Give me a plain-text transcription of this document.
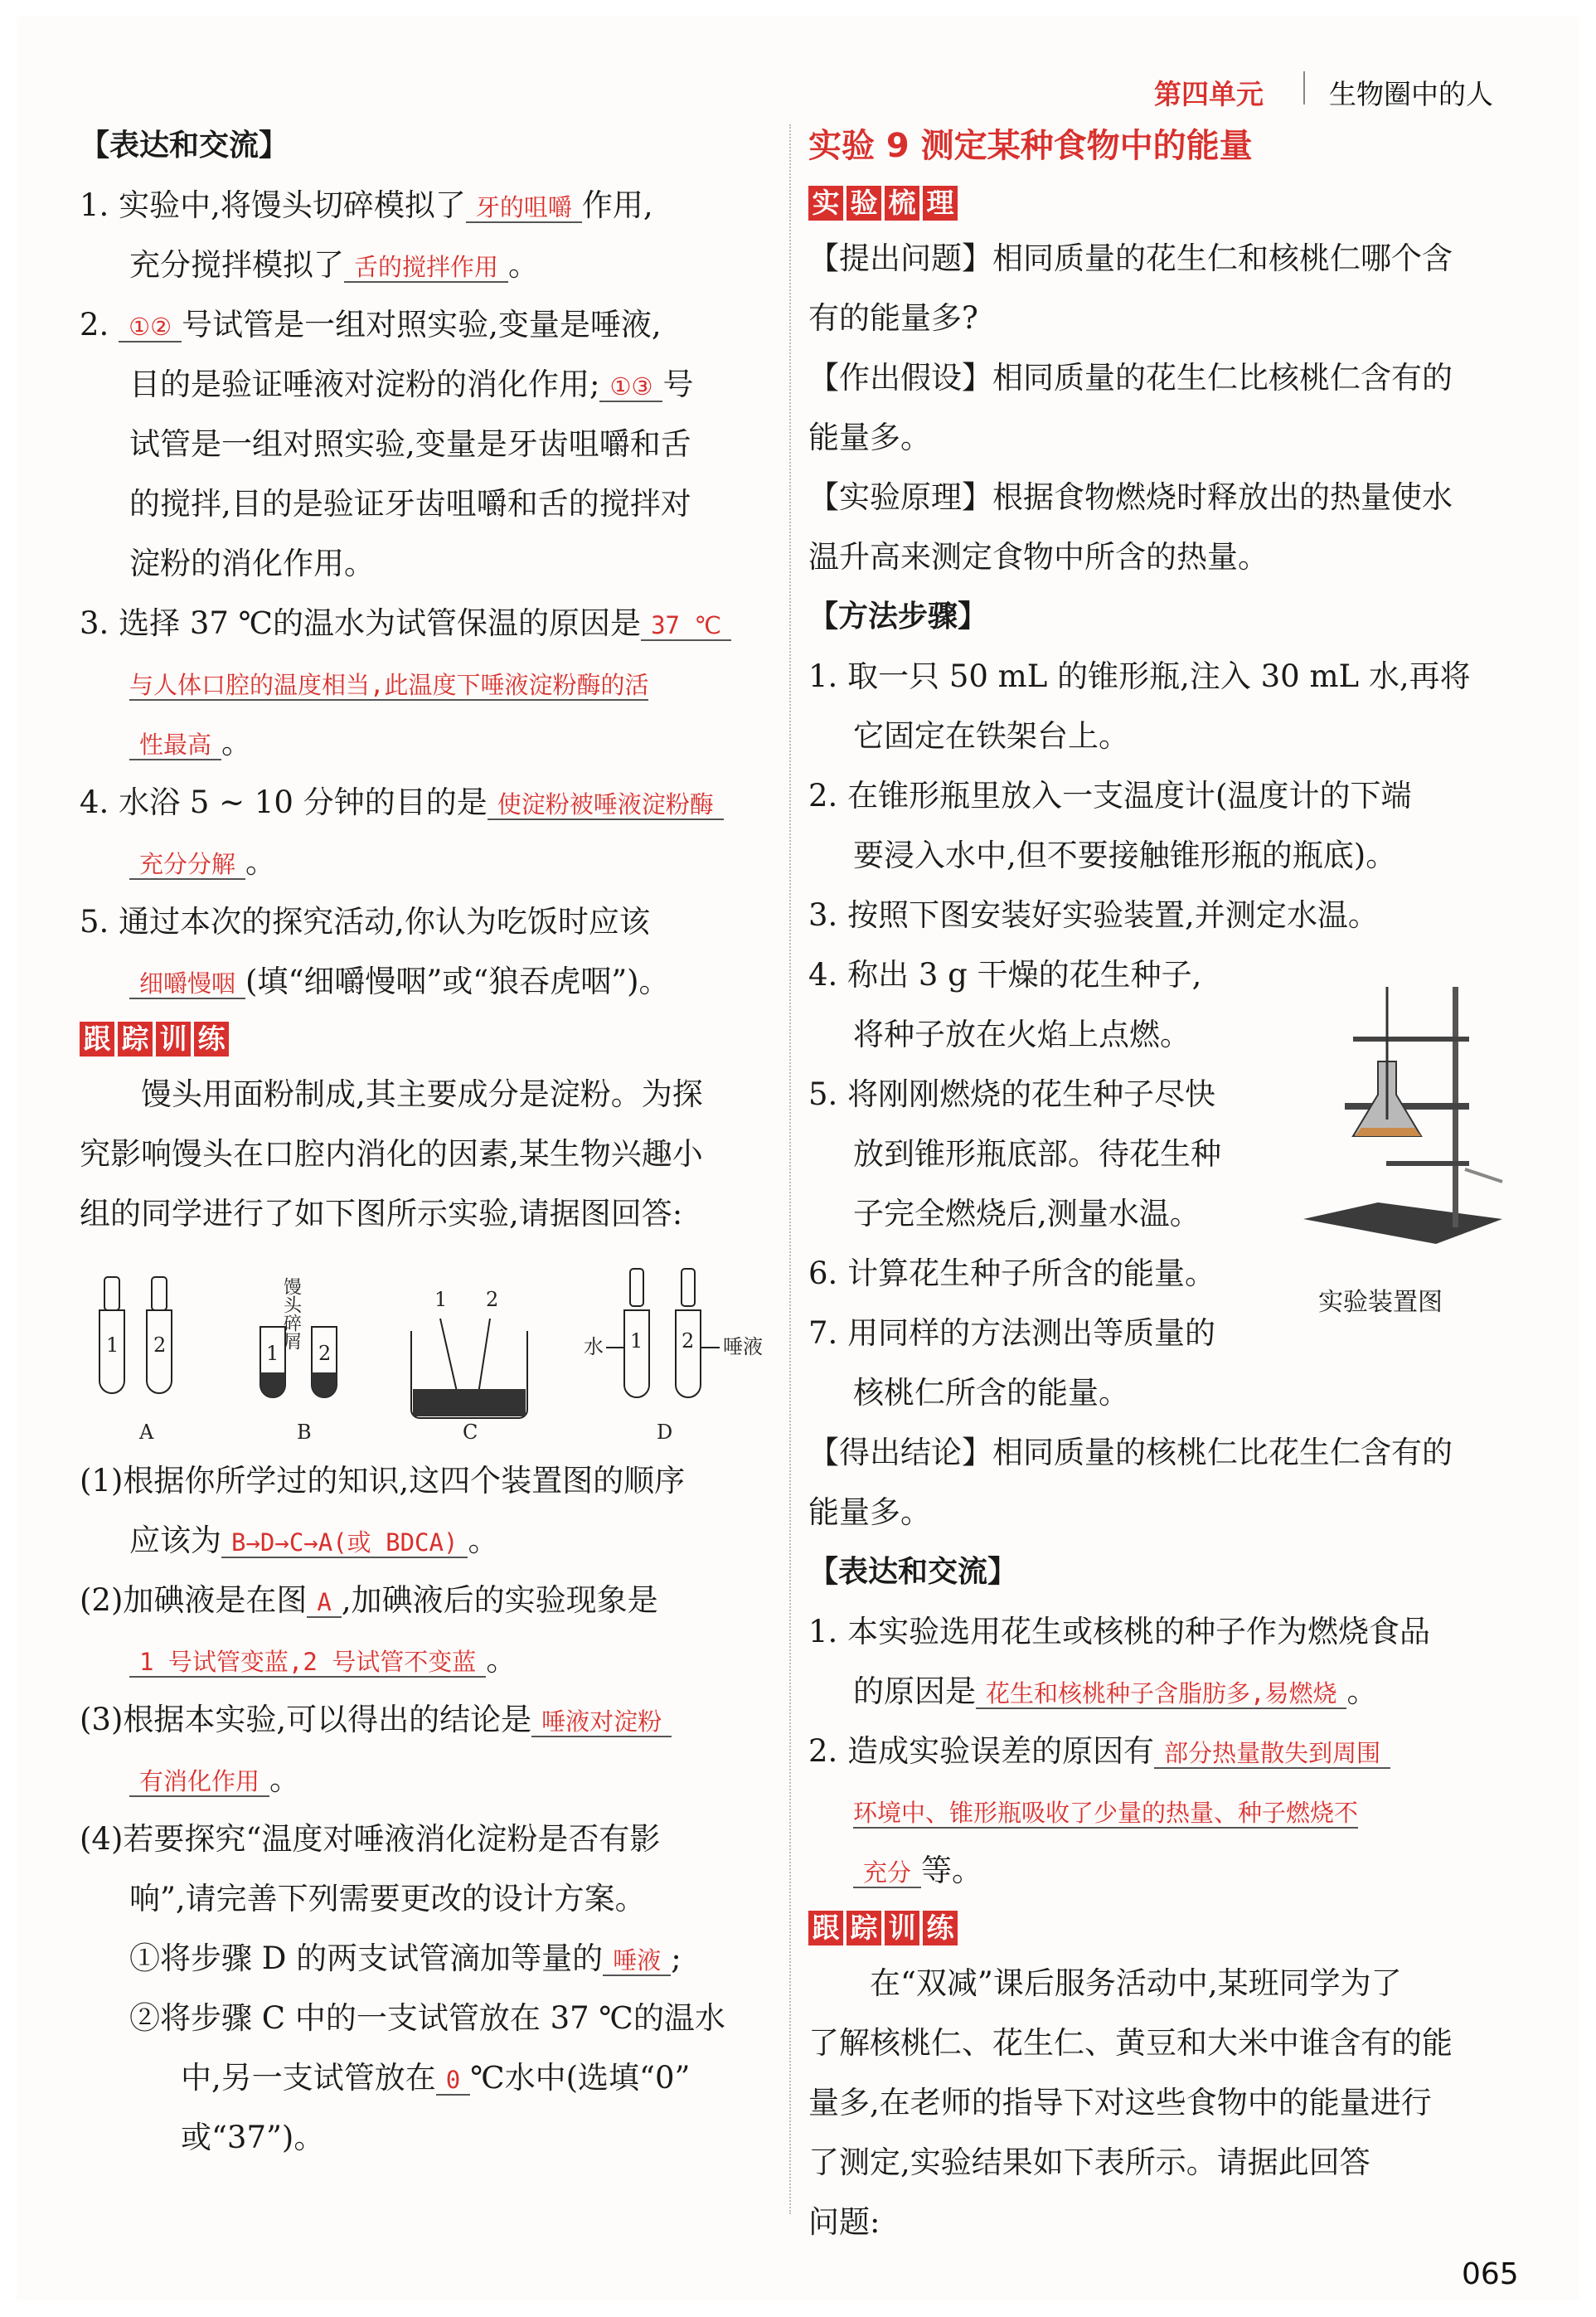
第四单元 生物圈中的人
【表达和交流】
1. 实验中,将馒头切碎模拟了 牙的咀嚼 作用,
充分搅拌模拟了 舌的搅拌作用 。
2. ①② 号试管是一组对照实验,变量是唾液,
目的是验证唾液对淀粉的消化作用; ①③ 号
试管是一组对照实验,变量是牙齿咀嚼和舌
的搅拌,目的是验证牙齿咀嚼和舌的搅拌对
淀粉的消化作用。
3. 选择 37 ℃的温水为试管保温的原因是 37 ℃
与人体口腔的温度相当,此温度下唾液淀粉酶的活
性最高 。
4. 水浴 5 ~ 10 分钟的目的是 使淀粉被唾液淀粉酶
充分分解 。
5. 通过本次的探究活动,你认为吃饭时应该
细嚼慢咽 (填“细嚼慢咽”或“狼吞虎咽”)。
跟 踪 训 练
馒头用面粉制成,其主要成分是淀粉。为探
究影响馒头在口腔内消化的因素,某生物兴趣小
组的同学进行了如下图所示实验,请据图回答:
1 2	1 2
馒头碎屑	1 2
1 2
水	唾液
A	B	C	D
(1)根据你所学过的知识,这四个装置图的顺序
应该为 B→D→C→A(或 BDCA) 。
(2)加碘液是在图 A ,加碘液后的实验现象是
1 号试管变蓝,2 号试管不变蓝 。
(3)根据本实验,可以得出的结论是 唾液对淀粉
有消化作用 。
(4)若要探究“温度对唾液消化淀粉是否有影
响”,请完善下列需要更改的设计方案。
①将步骤 D 的两支试管滴加等量的 唾液 ;
②将步骤 C 中的一支试管放在 37 ℃的温水
中,另一支试管放在 0 ℃水中(选填“0”
或“37”)。
实验 9 测定某种食物中的能量
实 验 梳 理
【提出问题】相同质量的花生仁和核桃仁哪个含
有的能量多?
【作出假设】相同质量的花生仁比核桃仁含有的
能量多。
【实验原理】根据食物燃烧时释放出的热量使水
温升高来测定食物中所含的热量。
【方法步骤】
1. 取一只 50 mL 的锥形瓶,注入 30 mL 水,再将
它固定在铁架台上。
2. 在锥形瓶里放入一支温度计(温度计的下端
要浸入水中,但不要接触锥形瓶的瓶底)。
3. 按照下图安装好实验装置,并测定水温。
4. 称出 3 g 干燥的花生种子,
将种子放在火焰上点燃。
5. 将刚刚燃烧的花生种子尽快
放到锥形瓶底部。待花生种
子完全燃烧后,测量水温。
6. 计算花生种子所含的能量。
7. 用同样的方法测出等质量的
核桃仁所含的能量。
【得出结论】相同质量的核桃仁比花生仁含有的
能量多。
【表达和交流】
1. 本实验选用花生或核桃的种子作为燃烧食品
的原因是 花生和核桃种子含脂肪多,易燃烧 。
2. 造成实验误差的原因有 部分热量散失到周围
环境中、锥形瓶吸收了少量的热量、种子燃烧不
充分 等。
跟 踪 训 练
在“双减”课后服务活动中,某班同学为了
了解核桃仁、花生仁、黄豆和大米中谁含有的能
量多,在老师的指导下对这些食物中的能量进行
了测定,实验结果如下表所示。请据此回答
问题:
实验装置图
065
